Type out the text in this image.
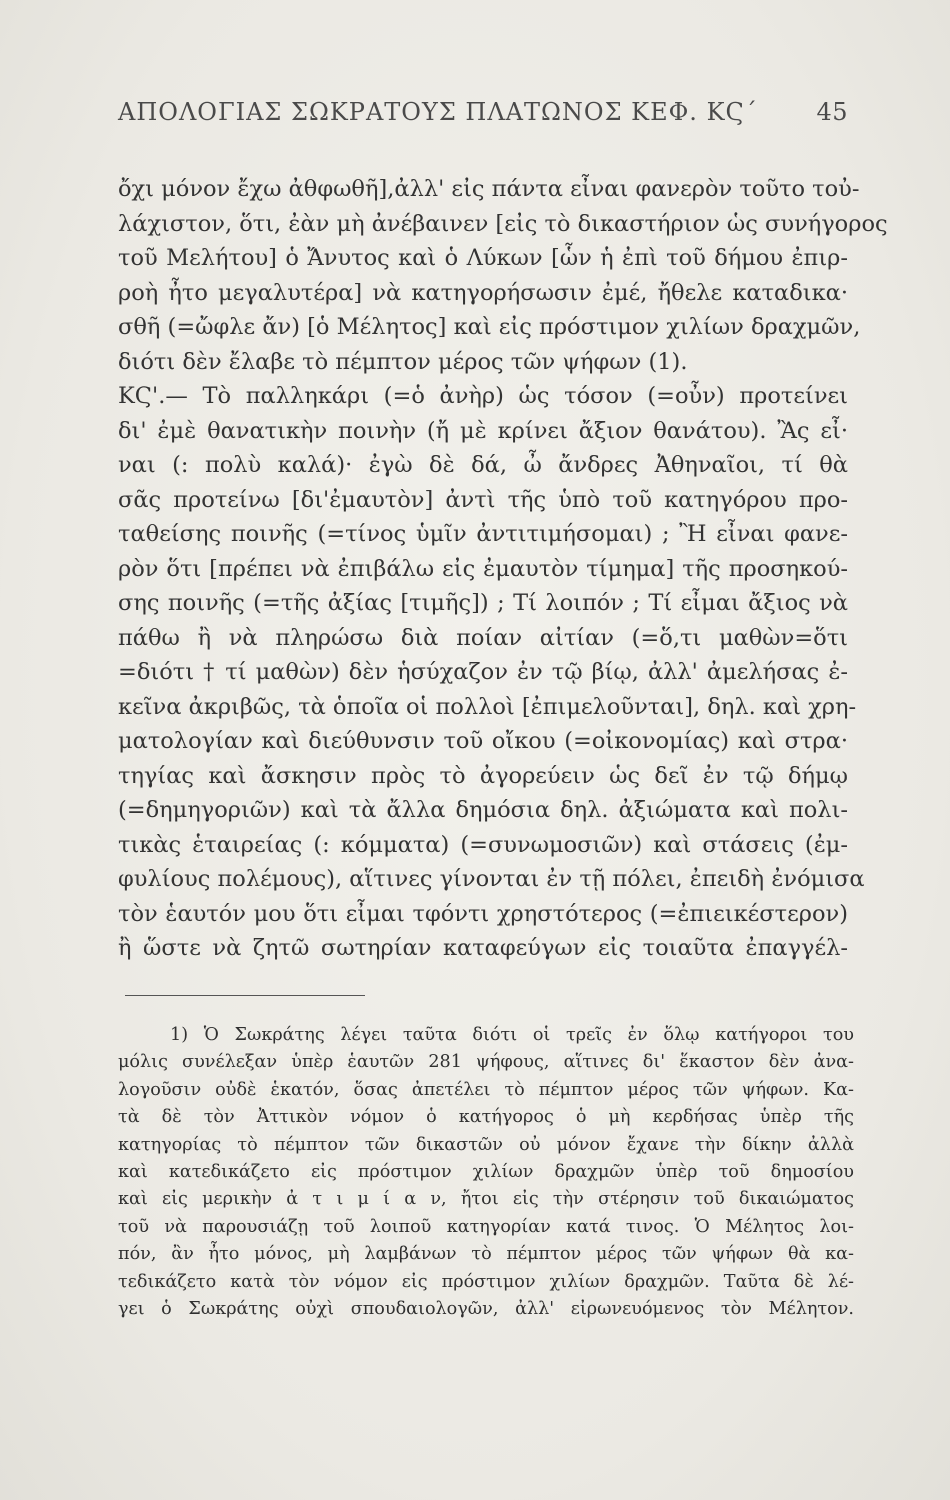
ΑΠΟΛΟΓΙΑΣ ΣΩΚΡΑΤΟΥΣ ΠΛΑΤΩΝΟΣ ΚΕΦ. ΚϚ΄ 45
ὄχι μόνον ἔχω ἀθφωθῆ],ἀλλ' εἰς πάντα εἶναι φανερὸν τοῦτο τοὐ-
λάχιστον, ὅτι, ἐὰν μὴ ἀνέβαινεν [εἰς τὸ δικαστήριον ὡς συνήγορος
τοῦ Μελήτου] ὁ Ἄνυτος καὶ ὁ Λύκων [ὧν ἡ ἐπὶ τοῦ δήμου ἐπιρ-
ροὴ ἦτο μεγαλυτέρα] νὰ κατηγορήσωσιν ἐμέ, ἤθελε καταδικα·
σθῆ (=ὤφλε ἄν) [ὁ Μέλητος] καὶ εἰς πρόστιμον χιλίων δραχμῶν,
διότι δὲν ἔλαβε τὸ πέμπτον μέρος τῶν ψήφων (1).
ΚϚ'.— Τὸ παλληκάρι (=ὁ ἀνὴρ) ὡς τόσον (=οὖν) προτείνει
δι' ἐμὲ θανατικὴν ποινὴν (ἤ μὲ κρίνει ἄξιον θανάτου). Ἂς εἶ·
ναι (: πολὺ καλά)· ἐγὼ δὲ δά, ὦ ἄνδρες Ἀθηναῖοι, τί θὰ
σᾶς προτείνω [δι'ἐμαυτὸν] ἀντὶ τῆς ὑπὸ τοῦ κατηγόρου προ-
ταθείσης ποινῆς (=τίνος ὑμῖν ἀντιτιμήσομαι) ; Ἢ εἶναι φανε-
ρὸν ὅτι [πρέπει νὰ ἐπιβάλω εἰς ἐμαυτὸν τίμημα] τῆς προσηκού-
σης ποινῆς (=τῆς ἀξίας [τιμῆς]) ; Τί λοιπόν ; Τί εἶμαι ἄξιος νὰ
πάθω ἢ νὰ πληρώσω διὰ ποίαν αἰτίαν (=ὅ,τι μαθὼν=ὅτι
=διότι † τί μαθὼν) δὲν ἡσύχαζον ἐν τῷ βίῳ, ἀλλ' ἀμελήσας ἐ-
κεῖνα ἀκριβῶς, τὰ ὁποῖα οἱ πολλοὶ [ἐπιμελοῦνται], δηλ. καὶ χρη-
ματολογίαν καὶ διεύθυνσιν τοῦ οἴκου (=οἰκονομίας) καὶ στρα·
τηγίας καὶ ἄσκησιν πρὸς τὸ ἀγορεύειν ὡς δεῖ ἐν τῷ δήμῳ
(=δημηγοριῶν) καὶ τὰ ἄλλα δημόσια δηλ. ἀξιώματα καὶ πολι-
τικὰς ἑταιρείας (: κόμματα) (=συνωμοσιῶν) καὶ στάσεις (ἐμ-
φυλίους πολέμους), αἵτινες γίνονται ἐν τῇ πόλει, ἐπειδὴ ἐνόμισα
τὸν ἑαυτόν μου ὅτι εἶμαι τφόντι χρηστότερος (=ἐπιεικέστερον)
ἢ ὥστε νὰ ζητῶ σωτηρίαν καταφεύγων εἰς τοιαῦτα ἐπαγγέλ-
1) Ὁ Σωκράτης λέγει ταῦτα διότι οἱ τρεῖς ἐν ὅλῳ κατήγοροι του
μόλις συνέλεξαν ὑπὲρ ἑαυτῶν 281 ψήφους, αἵτινες δι' ἕκαστον δὲν ἀνα-
λογοῦσιν οὐδὲ ἑκατόν, ὅσας ἀπετέλει τὸ πέμπτον μέρος τῶν ψήφων. Κα-
τὰ δὲ τὸν Ἀττικὸν νόμον ὁ κατήγορος ὁ μὴ κερδήσας ὑπὲρ τῆς
κατηγορίας τὸ πέμπτον τῶν δικαστῶν οὐ μόνον ἔχανε τὴν δίκην ἀλλὰ
καὶ κατεδικάζετο εἰς πρόστιμον χιλίων δραχμῶν ὑπὲρ τοῦ δημοσίου
καὶ εἰς μερικὴν ἀ τ ι μ ί α ν, ἤτοι εἰς τὴν στέρησιν τοῦ δικαιώματος
τοῦ νὰ παρουσιάζῃ τοῦ λοιποῦ κατηγορίαν κατά τινος. Ὁ Μέλητος λοι-
πόν, ἂν ἦτο μόνος, μὴ λαμβάνων τὸ πέμπτον μέρος τῶν ψήφων θὰ κα-
τεδικάζετο κατὰ τὸν νόμον εἰς πρόστιμον χιλίων δραχμῶν. Ταῦτα δὲ λέ-
γει ὁ Σωκράτης οὐχὶ σπουδαιολογῶν, ἀλλ' εἰρωνευόμενος τὸν Μέλητον.
